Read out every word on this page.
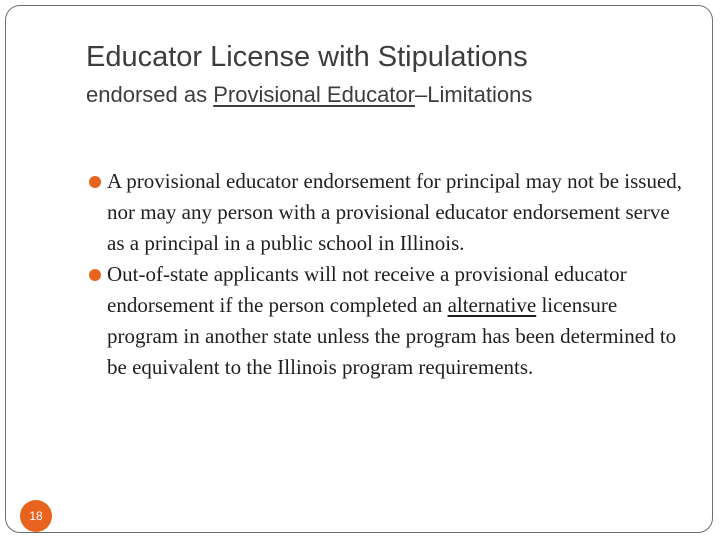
Educator License with Stipulations

endorsed as Provisional Educator–Limitations

A provisional educator endorsement for principal may not be issued, nor may any person with a provisional educator endorsement serve as a principal in a public school in Illinois.
Out-of-state applicants will not receive a provisional educator endorsement if the person completed an alternative licensure program in another state unless the program has been determined to be equivalent to the Illinois program requirements.
18
